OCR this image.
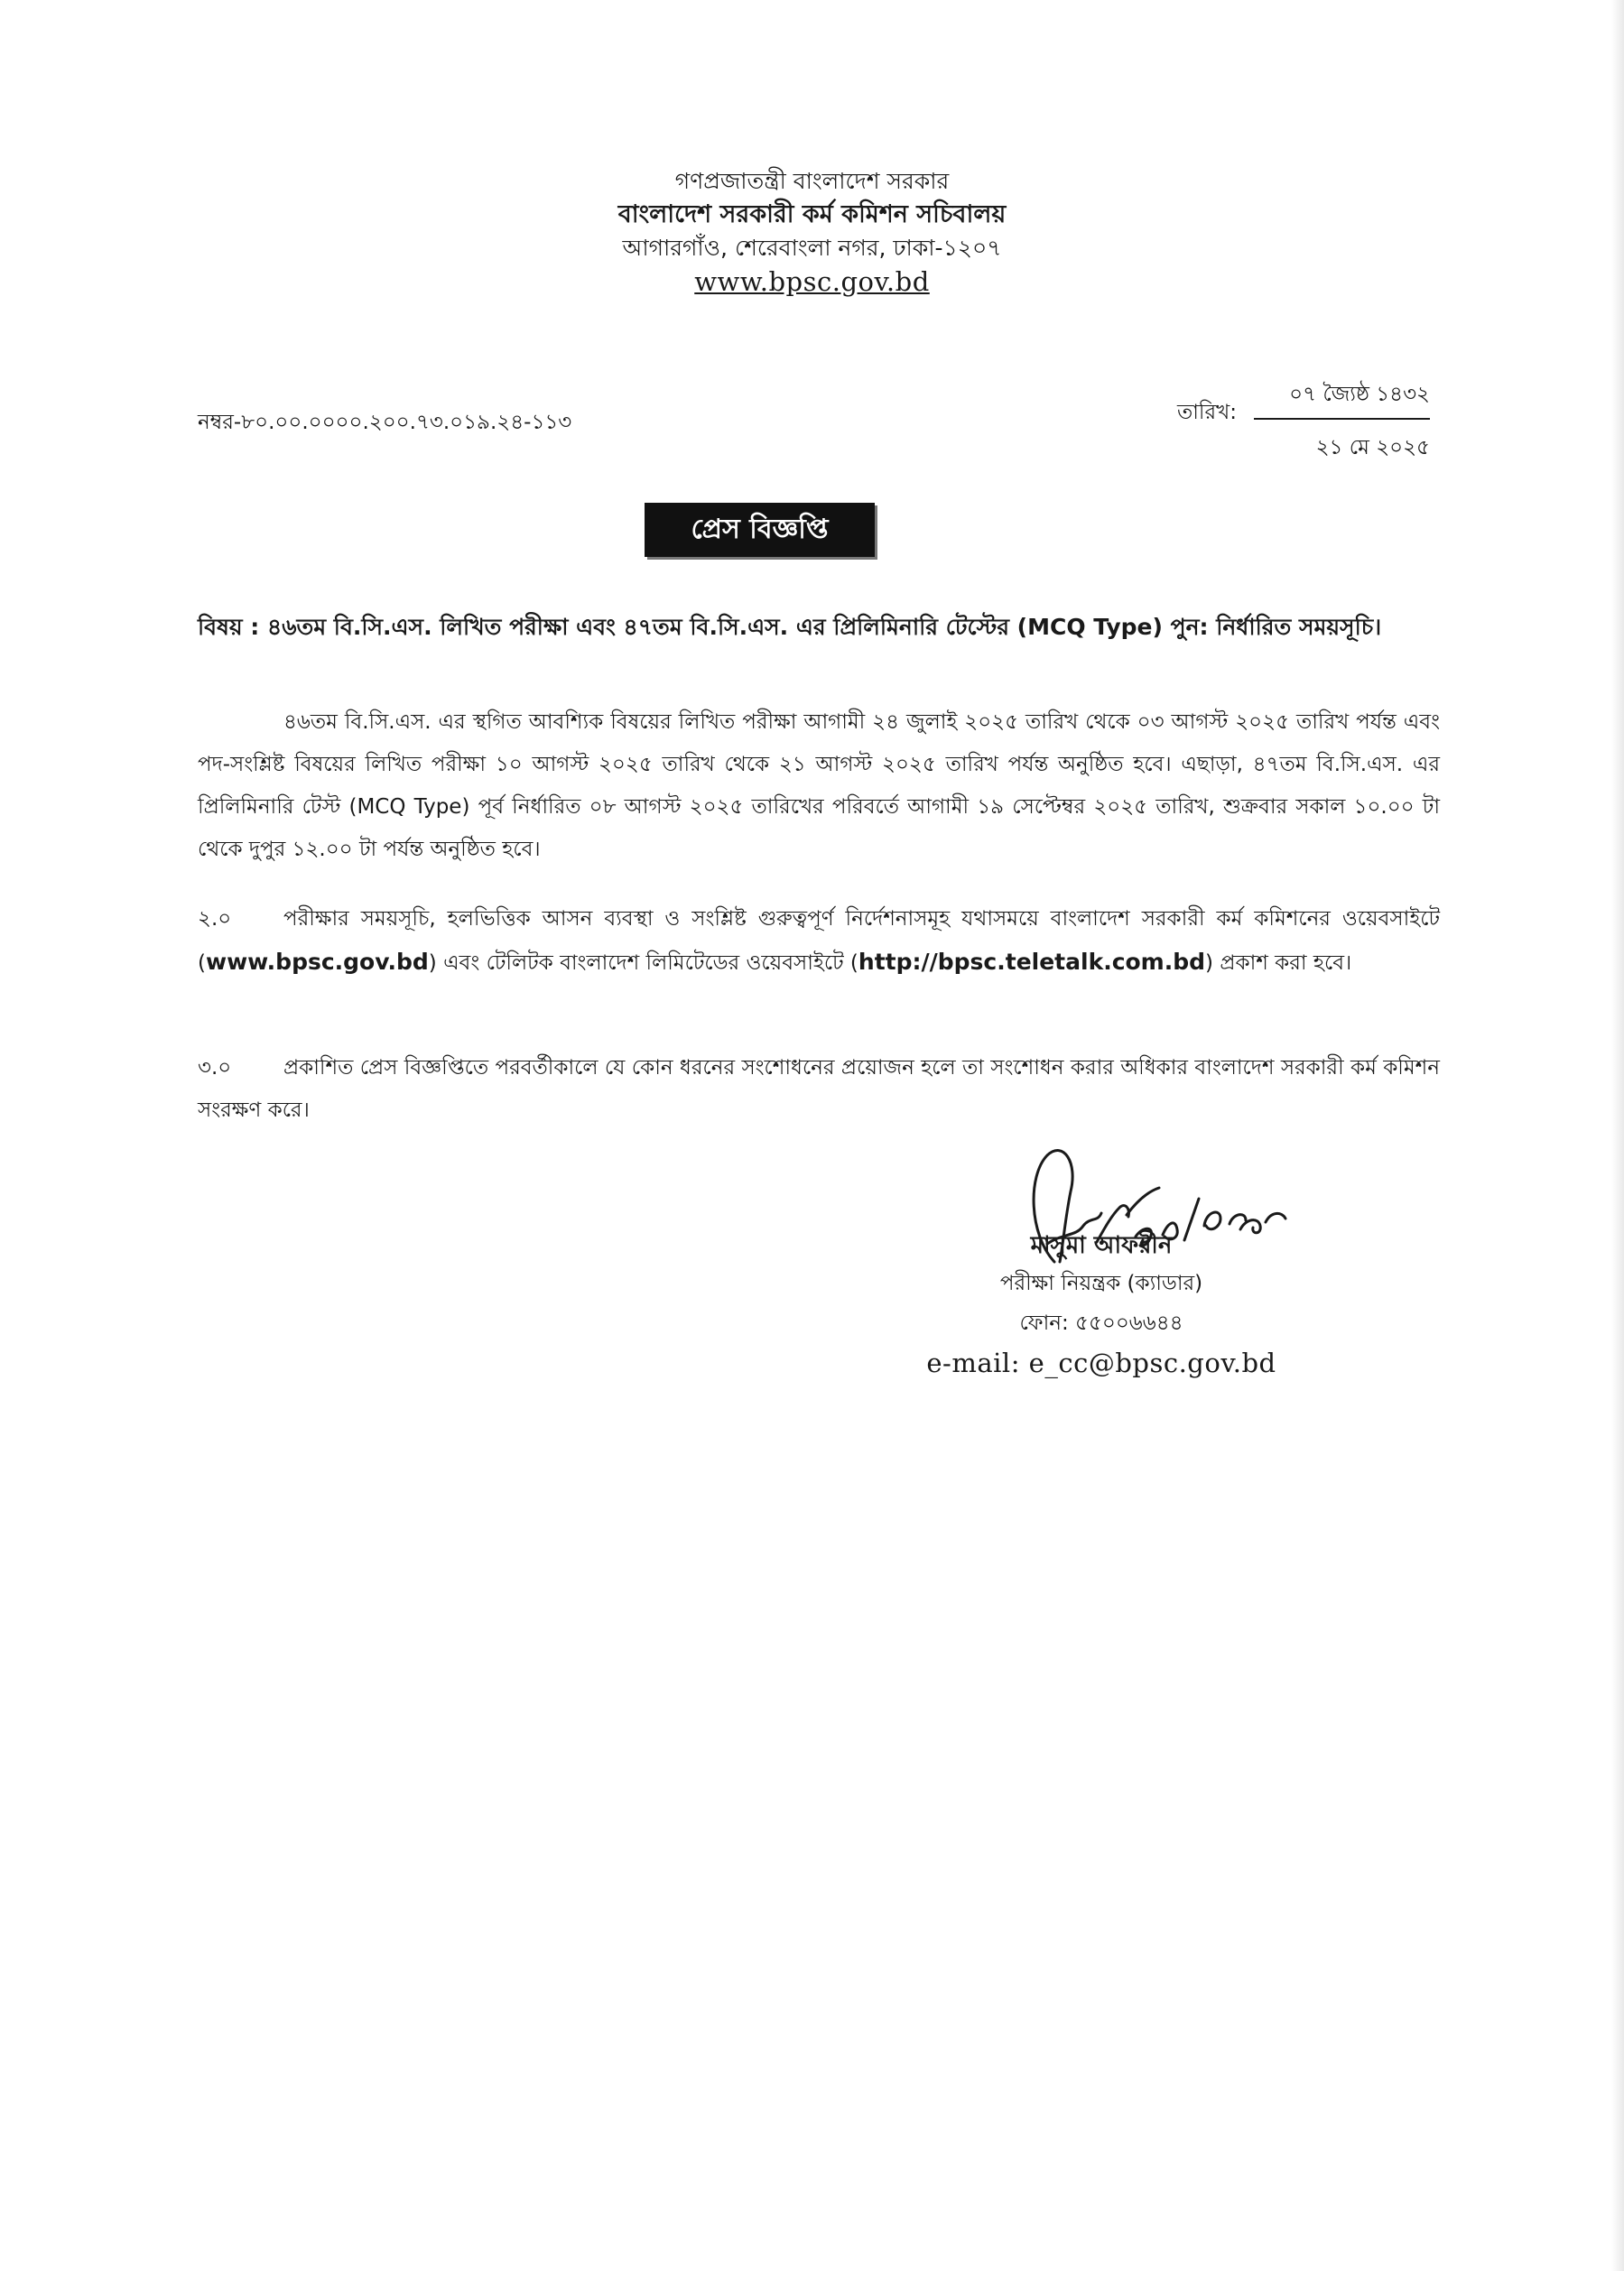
গণপ্রজাতন্ত্রী বাংলাদেশ সরকার
বাংলাদেশ সরকারী কর্ম কমিশন সচিবালয়
আগারগাঁও, শেরেবাংলা নগর, ঢাকা-১২০৭
www.bpsc.gov.bd
নম্বর-৮০.০০.০০০০.২০০.৭৩.০১৯.২৪-১১৩	তারিখ:
০৭ জ্যৈষ্ঠ ১৪৩২
২১ মে ২০২৫
প্রেস বিজ্ঞপ্তি
বিষয় : ৪৬তম বি.সি.এস. লিখিত পরীক্ষা এবং ৪৭তম বি.সি.এস. এর প্রিলিমিনারি টেস্টের (MCQ Type) পুন: নির্ধারিত সময়সূচি।
৪৬তম বি.সি.এস. এর স্থগিত আবশ্যিক বিষয়ের লিখিত পরীক্ষা আগামী ২৪ জুলাই ২০২৫ তারিখ থেকে ০৩ আগস্ট ২০২৫ তারিখ পর্যন্ত এবং পদ-সংশ্লিষ্ট বিষয়ের লিখিত পরীক্ষা ১০ আগস্ট ২০২৫ তারিখ থেকে ২১ আগস্ট ২০২৫ তারিখ পর্যন্ত অনুষ্ঠিত হবে। এছাড়া, ৪৭তম বি.সি.এস. এর প্রিলিমিনারি টেস্ট (MCQ Type) পূর্ব নির্ধারিত ০৮ আগস্ট ২০২৫ তারিখের পরিবর্তে আগামী ১৯ সেপ্টেম্বর ২০২৫ তারিখ, শুক্রবার সকাল ১০.০০ টা থেকে দুপুর ১২.০০ টা পর্যন্ত অনুষ্ঠিত হবে।
২.০	পরীক্ষার সময়সূচি, হলভিত্তিক আসন ব্যবস্থা ও সংশ্লিষ্ট গুরুত্বপূর্ণ নির্দেশনাসমূহ যথাসময়ে বাংলাদেশ সরকারী কর্ম কমিশনের ওয়েবসাইটে (www.bpsc.gov.bd) এবং টেলিটক বাংলাদেশ লিমিটেডের ওয়েবসাইটে (http://bpsc.teletalk.com.bd) প্রকাশ করা হবে।
৩.০	প্রকাশিত প্রেস বিজ্ঞপ্তিতে পরবর্তীকালে যে কোন ধরনের সংশোধনের প্রয়োজন হলে তা সংশোধন করার অধিকার বাংলাদেশ সরকারী কর্ম কমিশন সংরক্ষণ করে।
মাসুমা আফরীন
পরীক্ষা নিয়ন্ত্রক (ক্যাডার)
ফোন: ৫৫০০৬৬৪৪
e-mail: e_cc@bpsc.gov.bd
